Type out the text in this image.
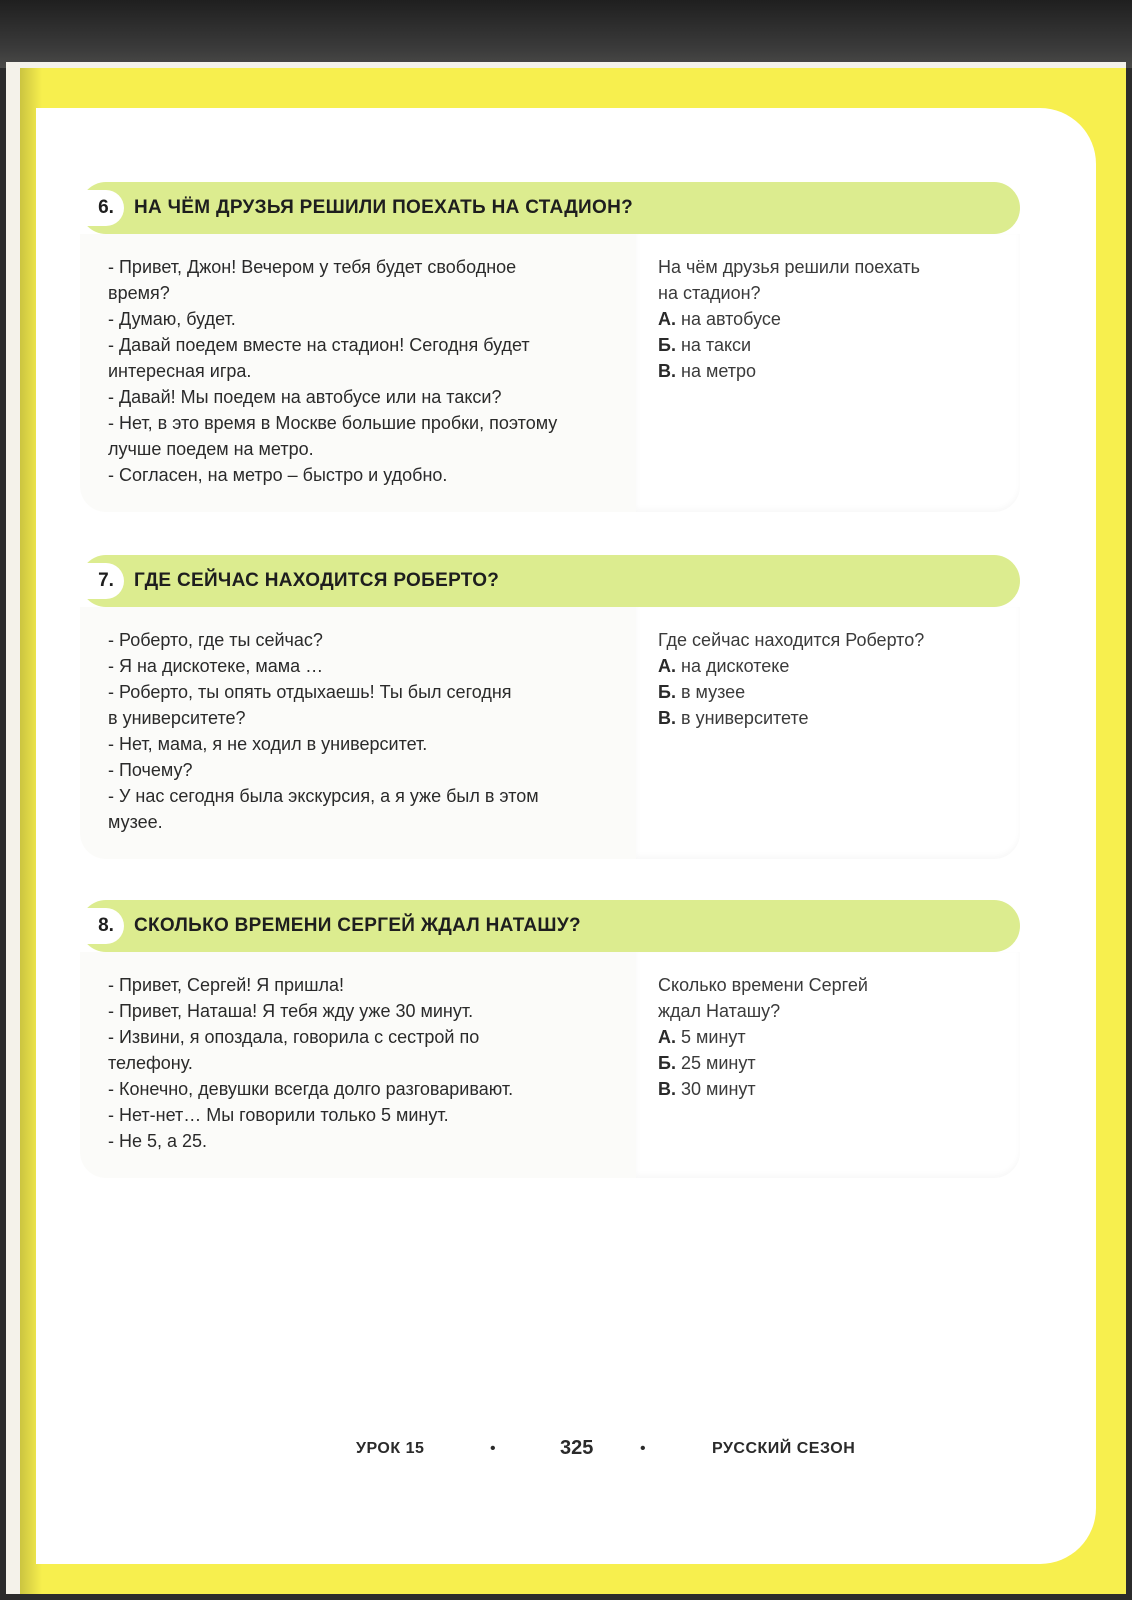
6.	НА ЧЁМ ДРУЗЬЯ РЕШИЛИ ПОЕХАТЬ НА СТАДИОН?
- Привет, Джон! Вечером у тебя будет свободное
время?
- Думаю, будет.
- Давай поедем вместе на стадион! Сегодня будет
интересная игра.
- Давай! Мы поедем на автобусе или на такси?
- Нет, в это время в Москве большие пробки, поэтому
лучше поедем на метро.
- Согласен, на метро – быстро и удобно.
На чём друзья решили поехать
на стадион?
А. на автобусе
Б. на такси
В. на метро
7.	ГДЕ СЕЙЧАС НАХОДИТСЯ РОБЕРТО?
- Роберто, где ты сейчас?
- Я на дискотеке, мама …
- Роберто, ты опять отдыхаешь! Ты был сегодня
в университете?
- Нет, мама, я не ходил в университет.
- Почему?
- У нас сегодня была экскурсия, а я уже был в этом
музее.
Где сейчас находится Роберто?
А. на дискотеке
Б. в музее
В. в университете
8.	СКОЛЬКО ВРЕМЕНИ СЕРГЕЙ ЖДАЛ НАТАШУ?
- Привет, Сергей! Я пришла!
- Привет, Наташа! Я тебя жду уже 30 минут.
- Извини, я опоздала, говорила с сестрой по
телефону.
- Конечно, девушки всегда долго разговаривают.
- Нет-нет… Мы говорили только 5 минут.
- Не 5, а 25.
Сколько времени Сергей
ждал Наташу?
А. 5 минут
Б. 25 минут
В. 30 минут
УРОК 15	•	325	•	РУССКИЙ СЕЗОН
